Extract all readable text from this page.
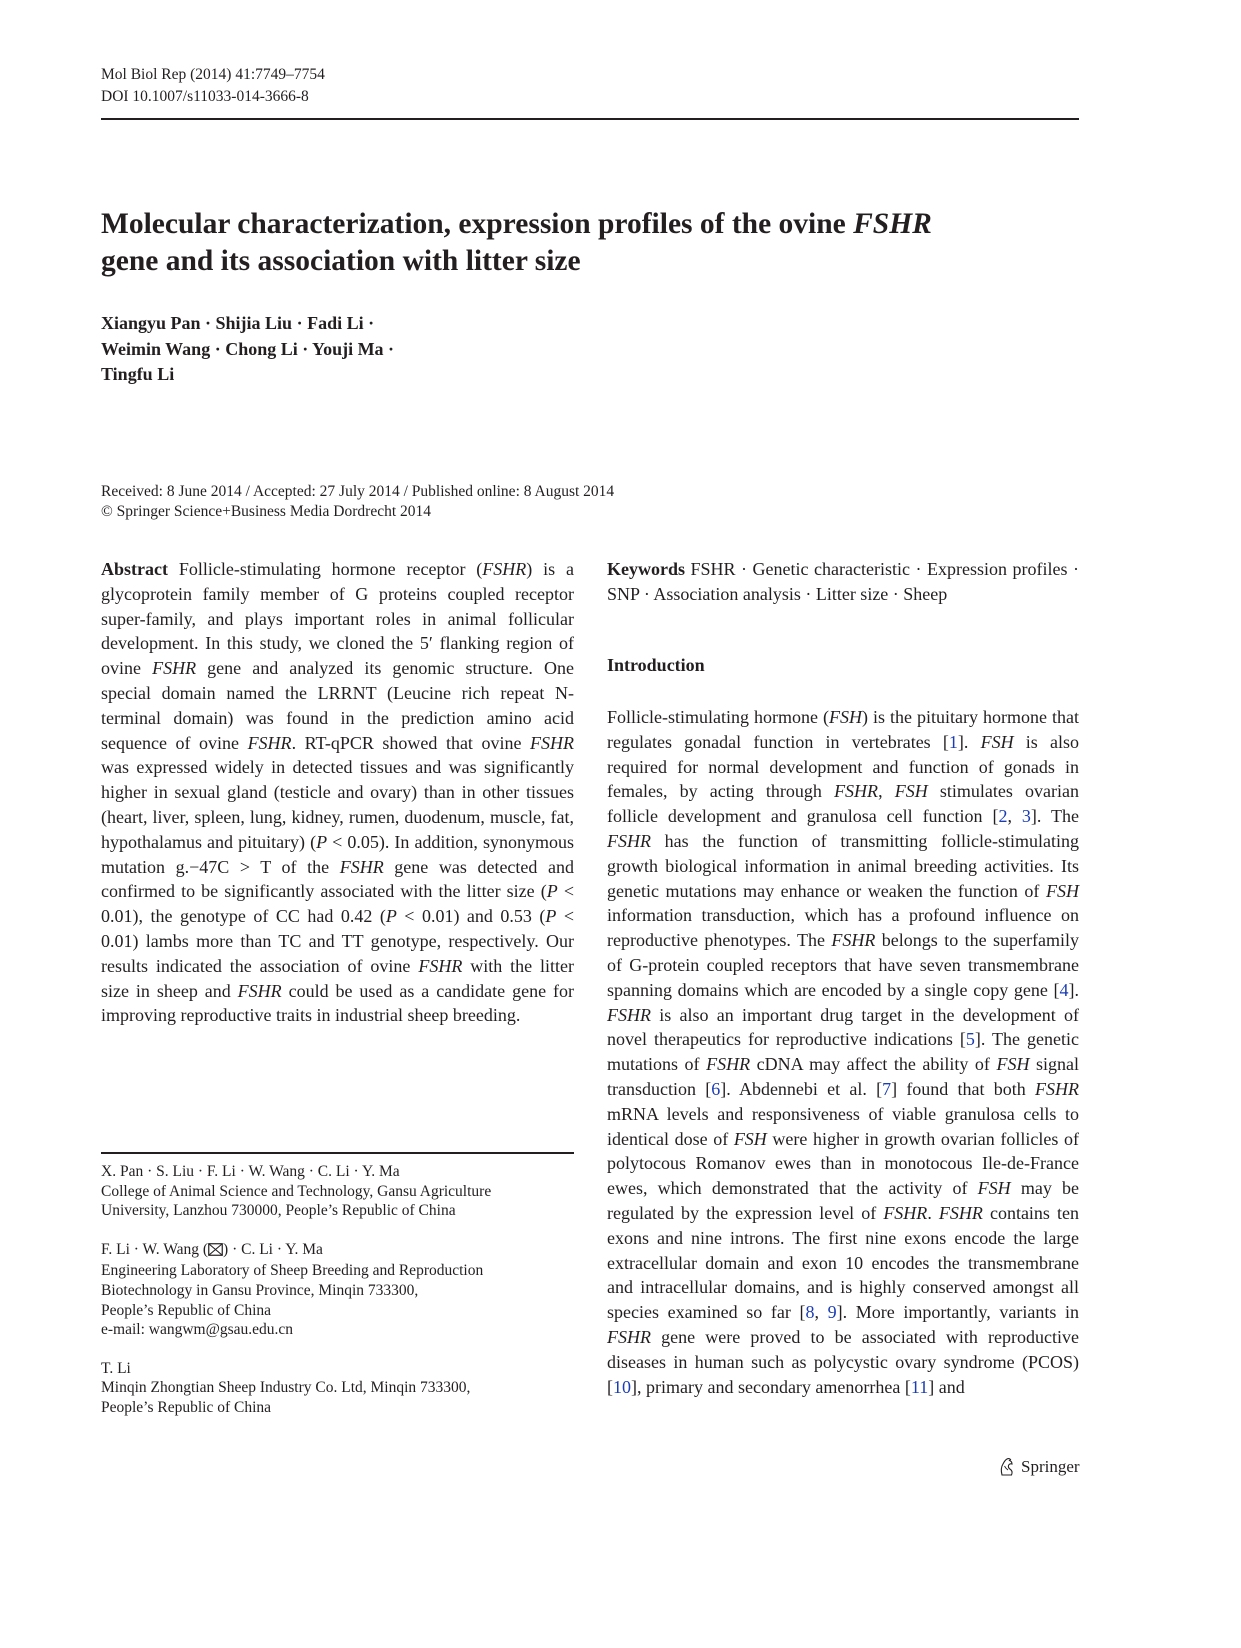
Mol Biol Rep (2014) 41:7749–7754
DOI 10.1007/s11033-014-3666-8
Molecular characterization, expression profiles of the ovine FSHR
gene and its association with litter size
Xiangyu Pan · Shijia Liu · Fadi Li ·
Weimin Wang · Chong Li · Youji Ma ·
Tingfu Li
Received: 8 June 2014 / Accepted: 27 July 2014 / Published online: 8 August 2014
© Springer Science+Business Media Dordrecht 2014
Abstract Follicle-stimulating hormone receptor (FSHR) is a glycoprotein family member of G proteins coupled receptor super-family, and plays important roles in animal follicular development. In this study, we cloned the 5′ flanking region of ovine FSHR gene and analyzed its genomic structure. One special domain named the LRRNT (Leucine rich repeat N-terminal domain) was found in the prediction amino acid sequence of ovine FSHR. RT-qPCR showed that ovine FSHR was expressed widely in detected tissues and was significantly higher in sexual gland (testicle and ovary) than in other tissues (heart, liver, spleen, lung, kidney, rumen, duodenum, muscle, fat, hypothalamus and pituitary) (P < 0.05). In addition, synonymous mutation g.−47C > T of the FSHR gene was detected and confirmed to be significantly associated with the litter size (P < 0.01), the genotype of CC had 0.42 (P < 0.01) and 0.53 (P < 0.01) lambs more than TC and TT genotype, respectively. Our results indicated the association of ovine FSHR with the litter size in sheep and FSHR could be used as a candidate gene for improving reproductive traits in industrial sheep breeding.
Keywords FSHR · Genetic characteristic · Expression profiles · SNP · Association analysis · Litter size · Sheep
Introduction
Follicle-stimulating hormone (FSH) is the pituitary hormone that regulates gonadal function in vertebrates [1]. FSH is also required for normal development and function of gonads in females, by acting through FSHR, FSH stimulates ovarian follicle development and granulosa cell function [2, 3]. The FSHR has the function of transmitting follicle-stimulating growth biological information in animal breeding activities. Its genetic mutations may enhance or weaken the function of FSH information transduction, which has a profound influence on reproductive phenotypes. The FSHR belongs to the superfamily of G-protein coupled receptors that have seven transmembrane spanning domains which are encoded by a single copy gene [4]. FSHR is also an important drug target in the development of novel therapeutics for reproductive indications [5]. The genetic mutations of FSHR cDNA may affect the ability of FSH signal transduction [6]. Abdennebi et al. [7] found that both FSHR mRNA levels and responsiveness of viable granulosa cells to identical dose of FSH were higher in growth ovarian follicles of polytocous Romanov ewes than in monotocous Ile-de-France ewes, which demonstrated that the activity of FSH may be regulated by the expression level of FSHR. FSHR contains ten exons and nine introns. The first nine exons encode the large extracellular domain and exon 10 encodes the transmembrane and intracellular domains, and is highly conserved amongst all species examined so far [8, 9]. More importantly, variants in FSHR gene were proved to be associated with reproductive diseases in human such as polycystic ovary syndrome (PCOS) [10], primary and secondary amenorrhea [11] and
X. Pan · S. Liu · F. Li · W. Wang · C. Li · Y. Ma
College of Animal Science and Technology, Gansu Agriculture
University, Lanzhou 730000, People’s Republic of China
F. Li · W. Wang ( ) · C. Li · Y. Ma
Engineering Laboratory of Sheep Breeding and Reproduction
Biotechnology in Gansu Province, Minqin 733300,
People’s Republic of China
e-mail: wangwm@gsau.edu.cn
T. Li
Minqin Zhongtian Sheep Industry Co. Ltd, Minqin 733300,
People’s Republic of China
Springer
